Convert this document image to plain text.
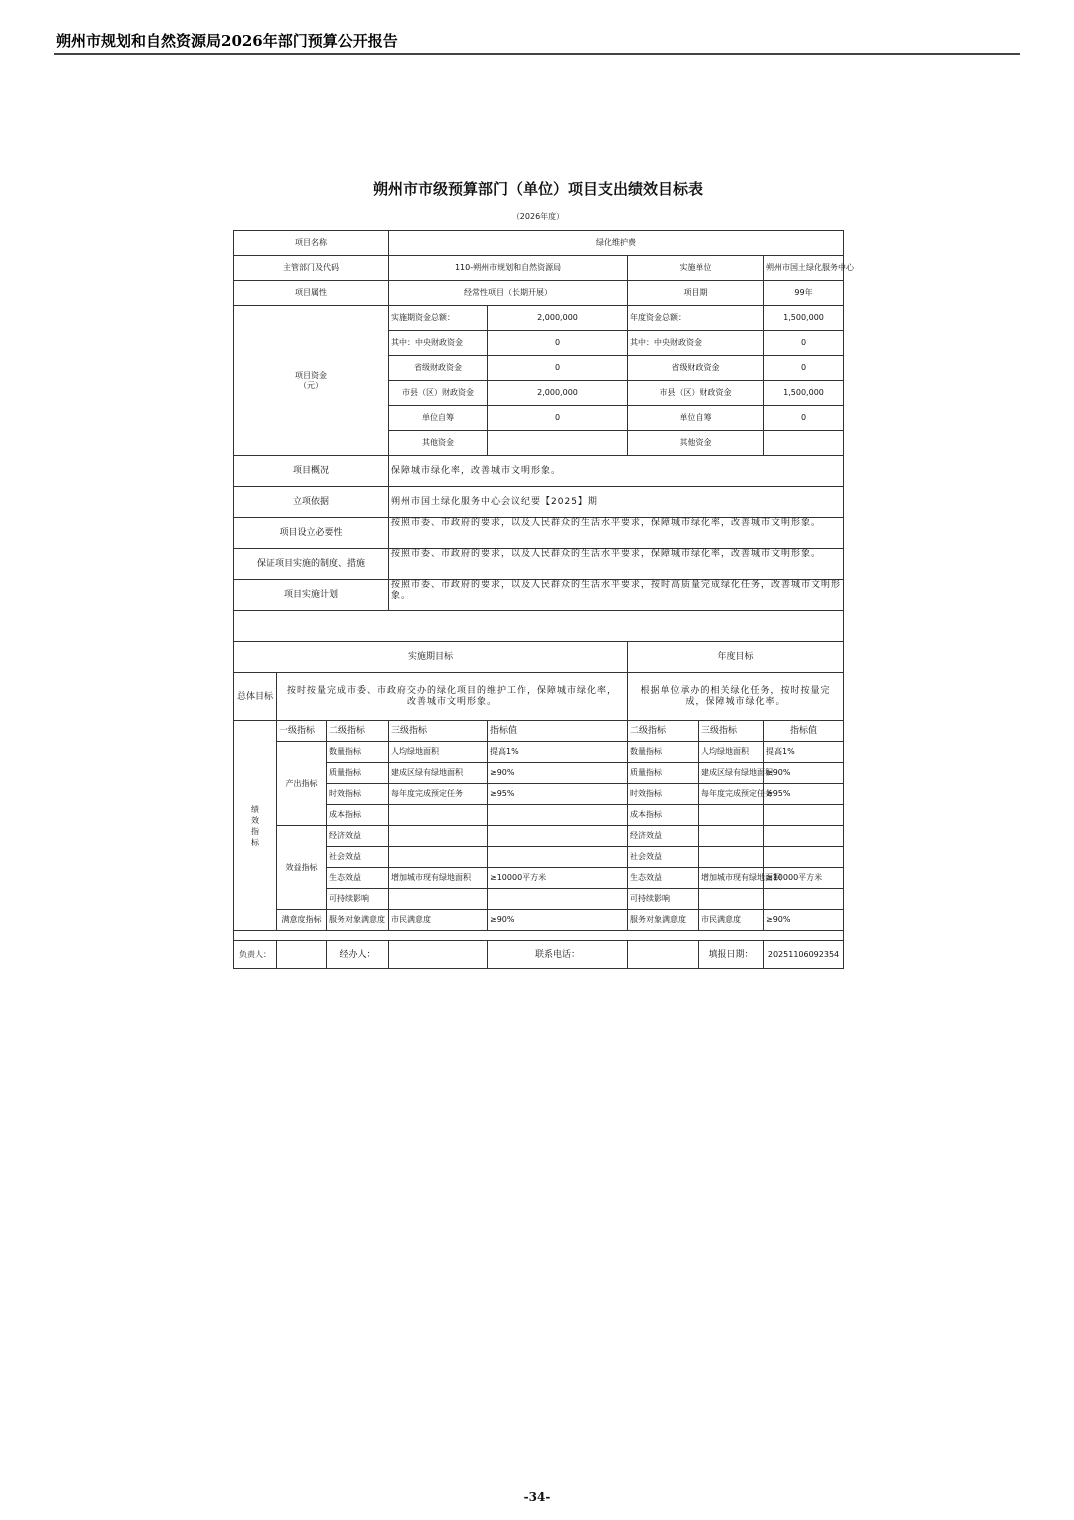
朔州市规划和自然资源局2026年部门预算公开报告
朔州市市级预算部门（单位）项目支出绩效目标表
（2026年度）
项目名称			绿化维护费				
主管部门及代码			110-朔州市规划和自然资源局		实施单位		朔州市国土绿化服务中心
项目属性			经常性项目（长期开展）		项目期		99年

项目资金
（元）			实施期资金总额：	2,000,000	年度资金总额：		1,500,000
			其中：中央财政资金	0	其中：中央财政资金		0
			省级财政资金	0	省级财政资金		0
			市县（区）财政资金	2,000,000	市县（区）财政资金		1,500,000
			单位自筹	0	单位自筹		0
			其他资金		其他资金		
项目概况			保障城市绿化率，改善城市文明形象。				
立项依据			朔州市国土绿化服务中心会议纪要【2025】期				
项目设立必要性			按照市委、市政府的要求，以及人民群众的生活水平要求，保障城市绿化率，改善城市文明形象。				
保证项目实施的制度、措施			按照市委、市政府的要求，以及人民群众的生活水平要求，保障城市绿化率，改善城市文明形象。				
项目实施计划			按照市委、市政府的要求，以及人民群众的生活水平要求，按时高质量完成绿化任务，改善城市文明形象。				

实施期目标					年度目标		
总体目标	按时按量完成市委、市政府交办的绿化项目的维护工作，保障城市绿化率，改善城市文明形象。				根据单位承办的相关绿化任务，按时按量完成，保障城市绿化率。		
绩效指标	一级指标	二级指标	三级指标	指标值	二级指标	三级指标	指标值
	产出指标	数量指标	人均绿地面积	提高1%	数量指标	人均绿地面积	提高1%
		质量指标	建成区绿有绿地面积	≥90%	质量指标	建成区绿有绿地面积	≥90%
		时效指标	每年度完成预定任务	≥95%	时效指标	每年度完成预定任务	≥95%
		成本指标			成本指标		
	效益指标	经济效益			经济效益		
		社会效益			社会效益		
		生态效益	增加城市现有绿地面积	≥10000平方米	生态效益	增加城市现有绿地面积	≥10000平方米
		可持续影响			可持续影响		
	满意度指标	服务对象满意度	市民满意度	≥90%	服务对象满意度	市民满意度	≥90%

负责人：		经办人：		联系电话：		填报日期：	20251106092354
-34-
